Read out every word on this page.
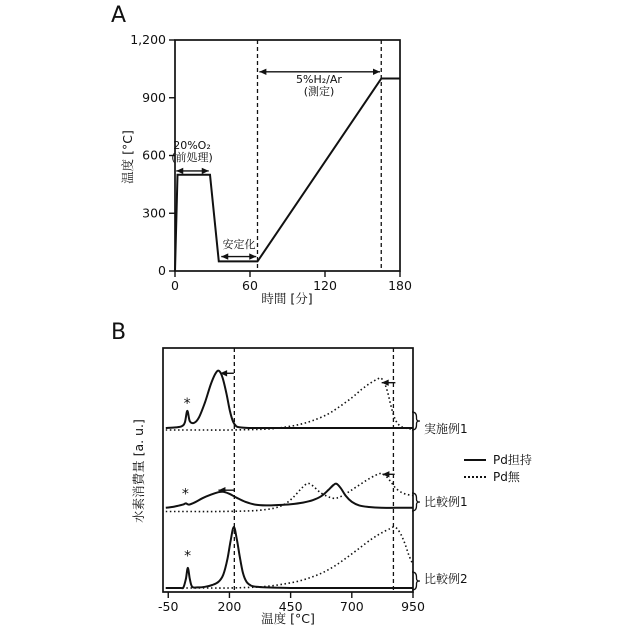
0	60	120	180
0
300
600
900
1,200
*
*
*
-50	200	450	700	950
A
B
温度 [°C]
時間 [分]
20%O₂
(前処理)
安定化
5%H₂/Ar
(測定)
水素消費量 [a. u.]
温度 [°C]
実施例1
比較例1
比較例2
Pd担持
Pd無
